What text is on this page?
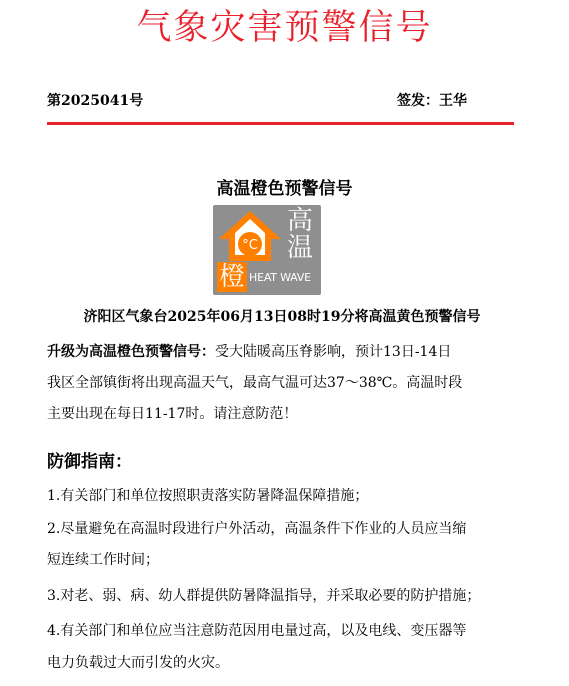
气象灾害预警信号
第2025041号	签发：王华
高温橙色预警信号
°C
高
温
橙 HEAT WAVE
济阳区气象台2025年06月13日08时19分将高温黄色预警信号
升级为高温橙色预警信号：受大陆暖高压脊影响，预计13日-14日
我区全部镇街将出现高温天气，最高气温可达37～38℃。高温时段
主要出现在每日11-17时。请注意防范！
防御指南：
1.有关部门和单位按照职责落实防暑降温保障措施；
2.尽量避免在高温时段进行户外活动，高温条件下作业的人员应当缩
短连续工作时间；
3.对老、弱、病、幼人群提供防暑降温指导，并采取必要的防护措施；
4.有关部门和单位应当注意防范因用电量过高，以及电线、变压器等
电力负载过大而引发的火灾。
